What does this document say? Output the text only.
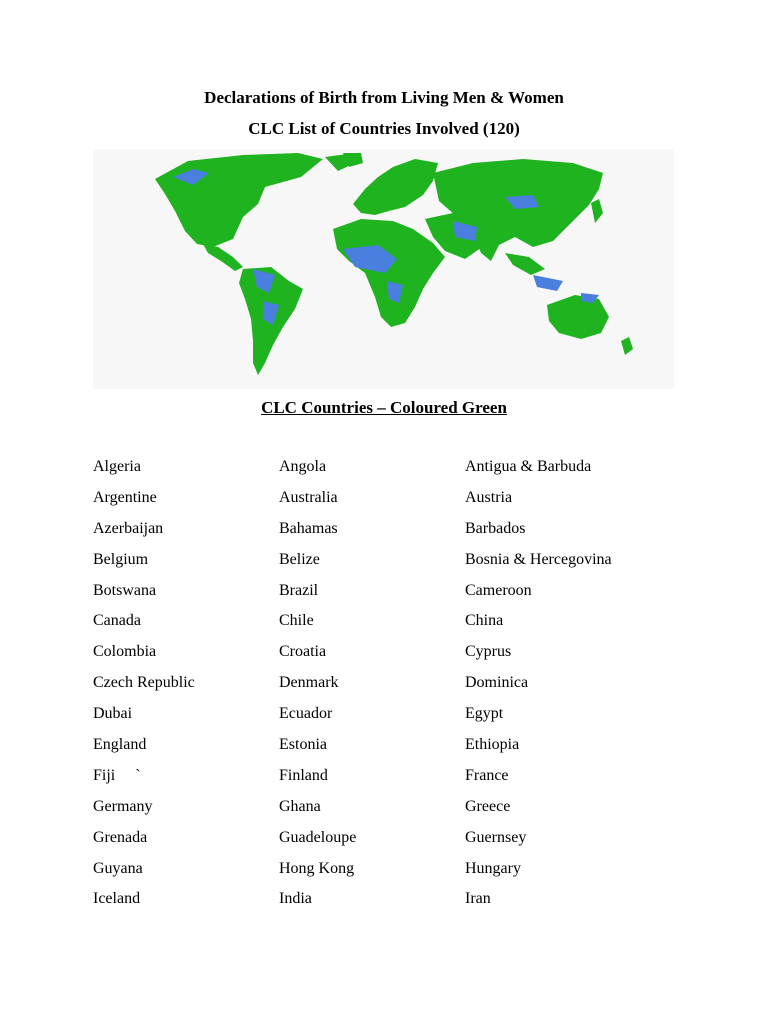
Declarations of Birth from Living Men & Women
CLC List of Countries Involved (120)
CLC Countries – Coloured Green
Algeria	Angola	Antigua & Barbuda
Argentine	Australia	Austria
Azerbaijan	Bahamas	Barbados
Belgium	Belize	Bosnia & Hercegovina
Botswana	Brazil	Cameroon
Canada	Chile	China
Colombia	Croatia	Cyprus
Czech Republic	Denmark	Dominica
Dubai	Ecuador	Egypt
England	Estonia	Ethiopia
Fiji     `	Finland	France
Germany	Ghana	Greece
Grenada	Guadeloupe	Guernsey
Guyana	Hong Kong	Hungary
Iceland	India	Iran
